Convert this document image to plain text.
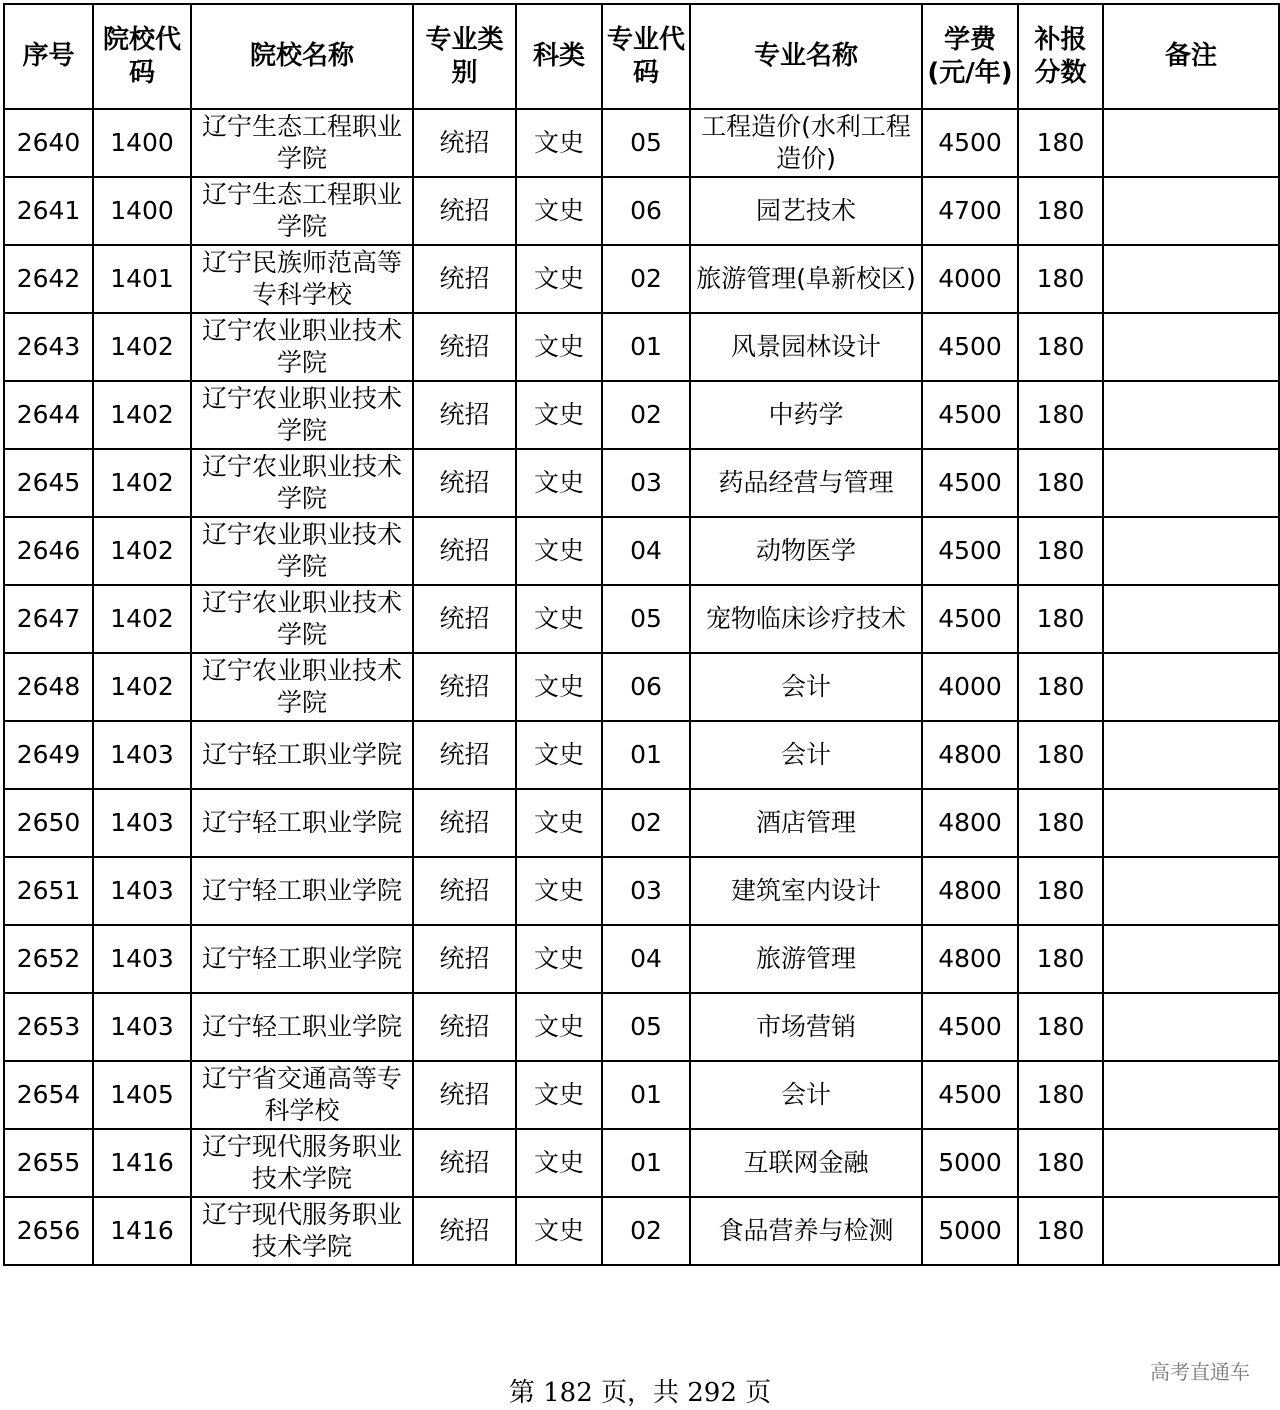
序号	院校代码	院校名称	专业类别	科类	专业代码	专业名称	学费(元/年)	补报分数	备注
2640	1400	辽宁生态工程职业学院	统招	文史	05	工程造价(水利工程造价)	4500	180	
2641	1400	辽宁生态工程职业学院	统招	文史	06	园艺技术	4700	180	
2642	1401	辽宁民族师范高等专科学校	统招	文史	02	旅游管理(阜新校区)	4000	180	
2643	1402	辽宁农业职业技术学院	统招	文史	01	风景园林设计	4500	180	
2644	1402	辽宁农业职业技术学院	统招	文史	02	中药学	4500	180	
2645	1402	辽宁农业职业技术学院	统招	文史	03	药品经营与管理	4500	180	
2646	1402	辽宁农业职业技术学院	统招	文史	04	动物医学	4500	180	
2647	1402	辽宁农业职业技术学院	统招	文史	05	宠物临床诊疗技术	4500	180	
2648	1402	辽宁农业职业技术学院	统招	文史	06	会计	4000	180	
2649	1403	辽宁轻工职业学院	统招	文史	01	会计	4800	180	
2650	1403	辽宁轻工职业学院	统招	文史	02	酒店管理	4800	180	
2651	1403	辽宁轻工职业学院	统招	文史	03	建筑室内设计	4800	180	
2652	1403	辽宁轻工职业学院	统招	文史	04	旅游管理	4800	180	
2653	1403	辽宁轻工职业学院	统招	文史	05	市场营销	4500	180	
2654	1405	辽宁省交通高等专科学校	统招	文史	01	会计	4500	180	
2655	1416	辽宁现代服务职业技术学院	统招	文史	01	互联网金融	5000	180	
2656	1416	辽宁现代服务职业技术学院	统招	文史	02	食品营养与检测	5000	180	
第 182 页，共 292 页
高考直通车
